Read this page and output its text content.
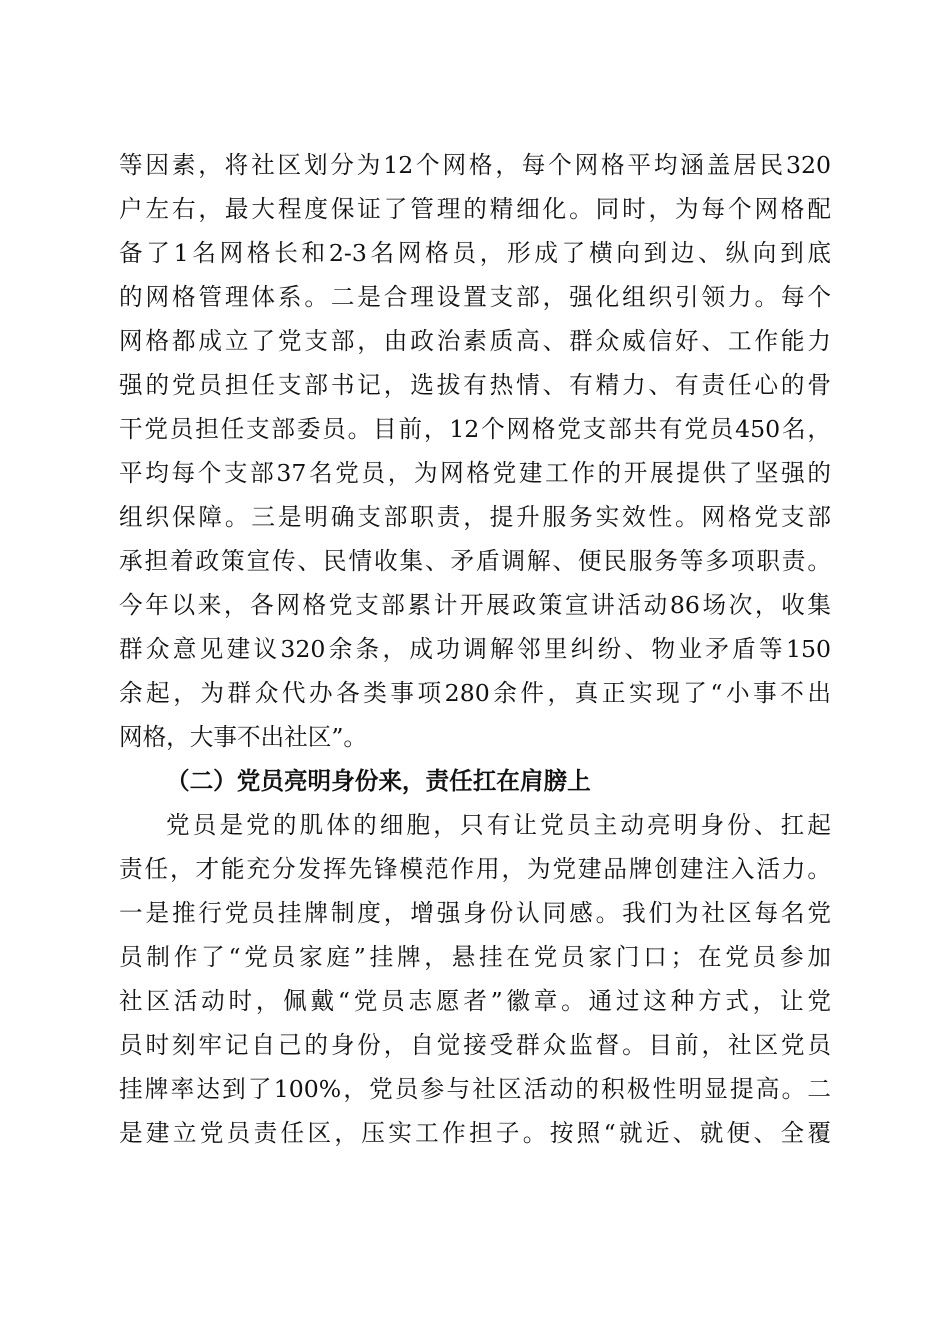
等因素，将社区划分为12个网格，每个网格平均涵盖居民320
户左右，最大程度保证了管理的精细化。同时，为每个网格配
备了1名网格长和2-3名网格员，形成了横向到边、纵向到底
的网格管理体系。二是合理设置支部，强化组织引领力。每个
网格都成立了党支部，由政治素质高、群众威信好、工作能力
强的党员担任支部书记，选拔有热情、有精力、有责任心的骨
干党员担任支部委员。目前，12个网格党支部共有党员450名，
平均每个支部37名党员，为网格党建工作的开展提供了坚强的
组织保障。三是明确支部职责，提升服务实效性。网格党支部
承担着政策宣传、民情收集、矛盾调解、便民服务等多项职责。
今年以来，各网格党支部累计开展政策宣讲活动86场次，收集
群众意见建议320余条，成功调解邻里纠纷、物业矛盾等150
余起，为群众代办各类事项280余件，真正实现了“小事不出
网格，大事不出社区”。
（二）党员亮明身份来，责任扛在肩膀上
党员是党的肌体的细胞，只有让党员主动亮明身份、扛起
责任，才能充分发挥先锋模范作用，为党建品牌创建注入活力。
一是推行党员挂牌制度，增强身份认同感。我们为社区每名党
员制作了“党员家庭”挂牌，悬挂在党员家门口；在党员参加
社区活动时，佩戴“党员志愿者”徽章。通过这种方式，让党
员时刻牢记自己的身份，自觉接受群众监督。目前，社区党员
挂牌率达到了100%，党员参与社区活动的积极性明显提高。二
是建立党员责任区，压实工作担子。按照“就近、就便、全覆
